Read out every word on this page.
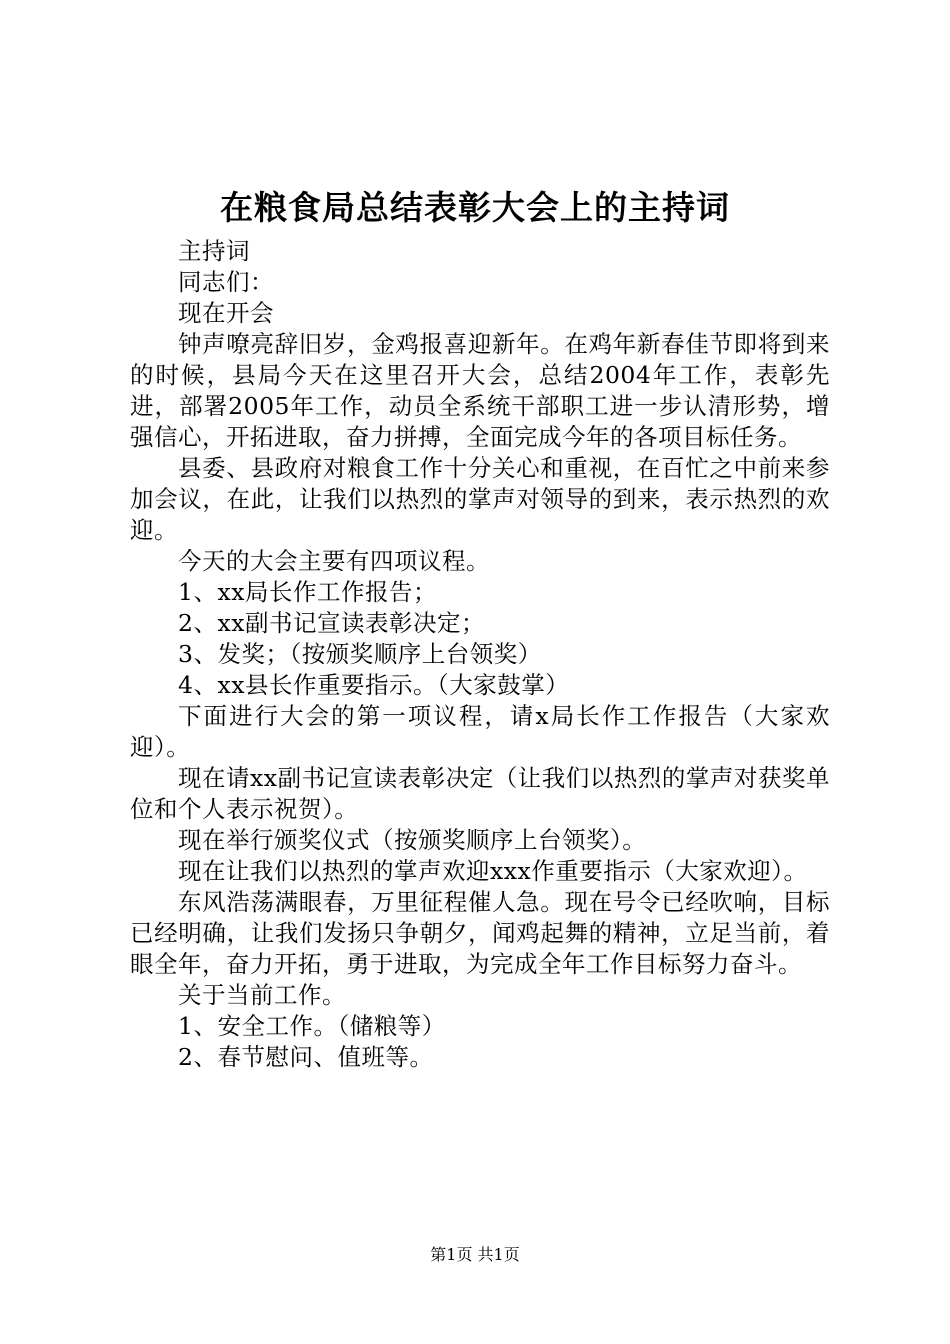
在粮食局总结表彰大会上的主持词

主持词

同志们：

现在开会

钟声嘹亮辞旧岁，金鸡报喜迎新年。在鸡年新春佳节即将到来的时候，县局今天在这里召开大会，总结2004年工作，表彰先进，部署2005年工作，动员全系统干部职工进一步认清形势，增强信心，开拓进取，奋力拼搏，全面完成今年的各项目标任务。

县委、县政府对粮食工作十分关心和重视，在百忙之中前来参加会议，在此，让我们以热烈的掌声对领导的到来，表示热烈的欢迎。

今天的大会主要有四项议程。

1、xx局长作工作报告；

2、xx副书记宣读表彰决定；

3、发奖；（按颁奖顺序上台领奖）

4、xx县长作重要指示。（大家鼓掌）

下面进行大会的第一项议程，请x局长作工作报告（大家欢迎）。

现在请xx副书记宣读表彰决定（让我们以热烈的掌声对获奖单位和个人表示祝贺）。

现在举行颁奖仪式（按颁奖顺序上台领奖）。

现在让我们以热烈的掌声欢迎xxx作重要指示（大家欢迎）。

东风浩荡满眼春，万里征程催人急。现在号令已经吹响，目标已经明确，让我们发扬只争朝夕，闻鸡起舞的精神，立足当前，着眼全年，奋力开拓，勇于进取，为完成全年工作目标努力奋斗。

关于当前工作。

1、安全工作。（储粮等）

2、春节慰问、值班等。

第1页 共1页
